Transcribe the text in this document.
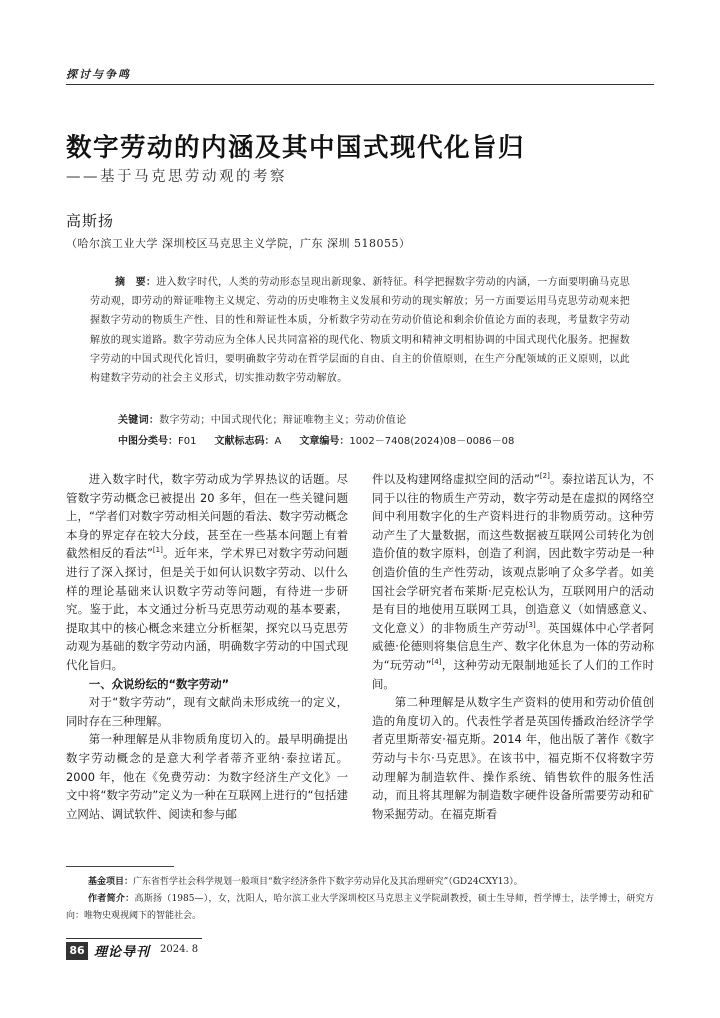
探讨与争鸣
数字劳动的内涵及其中国式现代化旨归
——基于马克思劳动观的考察
高斯扬
（哈尔滨工业大学 深圳校区马克思主义学院，广东 深圳 518055）

摘　要：进入数字时代，人类的劳动形态呈现出新现象、新特征。科学把握数字劳动的内涵，一方面要明确马克思劳动观，即劳动的辩证唯物主义规定、劳动的历史唯物主义发展和劳动的现实解放；另一方面要运用马克思劳动观来把握数字劳动的物质生产性、目的性和辩证性本质，分析数字劳动在劳动价值论和剩余价值论方面的表现，考量数字劳动解放的现实道路。数字劳动应为全体人民共同富裕的现代化、物质文明和精神文明相协调的中国式现代化服务。把握数字劳动的中国式现代化旨归，要明确数字劳动在哲学层面的自由、自主的价值原则，在生产分配领域的正义原则，以此构建数字劳动的社会主义形式，切实推动数字劳动解放。

关键词：数字劳动；中国式现代化；辩证唯物主义；劳动价值论
中图分类号：F01 文献标志码：A 文章编号：1002－7408(2024)08－0086－08

进入数字时代，数字劳动成为学界热议的话题。尽管数字劳动概念已被提出 20 多年，但在一些关键问题上，“学者们对数字劳动相关问题的看法、数字劳动概念本身的界定存在较大分歧，甚至在一些基本问题上有着截然相反的看法”[1]。近年来，学术界已对数字劳动问题进行了深入探讨，但是关于如何认识数字劳动、以什么样的理论基础来认识数字劳动等问题，有待进一步研究。鉴于此，本文通过分析马克思劳动观的基本要素，提取其中的核心概念来建立分析框架，探究以马克思劳动观为基础的数字劳动内涵，明确数字劳动的中国式现代化旨归。

一、众说纷纭的“数字劳动”

对于“数字劳动”，现有文献尚未形成统一的定义，同时存在三种理解。

第一种理解是从非物质角度切入的。最早明确提出数字劳动概念的是意大利学者蒂齐亚纳·泰拉诺瓦。2000 年，他在《免费劳动：为数字经济生产文化》一文中将“数字劳动”定义为一种在互联网上进行的“包括建立网站、调试软件、阅读和参与邮

件以及构建网络虚拟空间的活动”[2]。泰拉诺瓦认为，不同于以往的物质生产劳动，数字劳动是在虚拟的网络空间中利用数字化的生产资料进行的非物质劳动。这种劳动产生了大量数据，而这些数据被互联网公司转化为创造价值的数字原料，创造了利润，因此数字劳动是一种创造价值的生产性劳动，该观点影响了众多学者。如美国社会学研究者布莱斯·尼克松认为，互联网用户的活动是有目的地使用互联网工具，创造意义（如情感意义、文化意义）的非物质生产劳动[3]。英国媒体中心学者阿威德·伦德则将集信息生产、数字化休息为一体的劳动称为“玩劳动”[4]，这种劳动无限制地延长了人们的工作时间。

第二种理解是从数字生产资料的使用和劳动价值创造的角度切入的。代表性学者是英国传播政治经济学学者克里斯蒂安·福克斯。2014 年，他出版了著作《数字劳动与卡尔·马克思》。在该书中，福克斯不仅将数字劳动理解为制造软件、操作系统、销售软件的服务性活动，而且将其理解为制造数字硬件设备所需要劳动和矿物采掘劳动。在福克斯看

基金项目：广东省哲学社会科学规划一般项目“数字经济条件下数字劳动异化及其治理研究”（GD24CXY13）。

作者简介：高斯扬（1985—），女，沈阳人，哈尔滨工业大学深圳校区马克思主义学院副教授，硕士生导师，哲学博士，法学博士，研究方向：唯物史观视阈下的智能社会。

86 理论导刊 2024. 8
